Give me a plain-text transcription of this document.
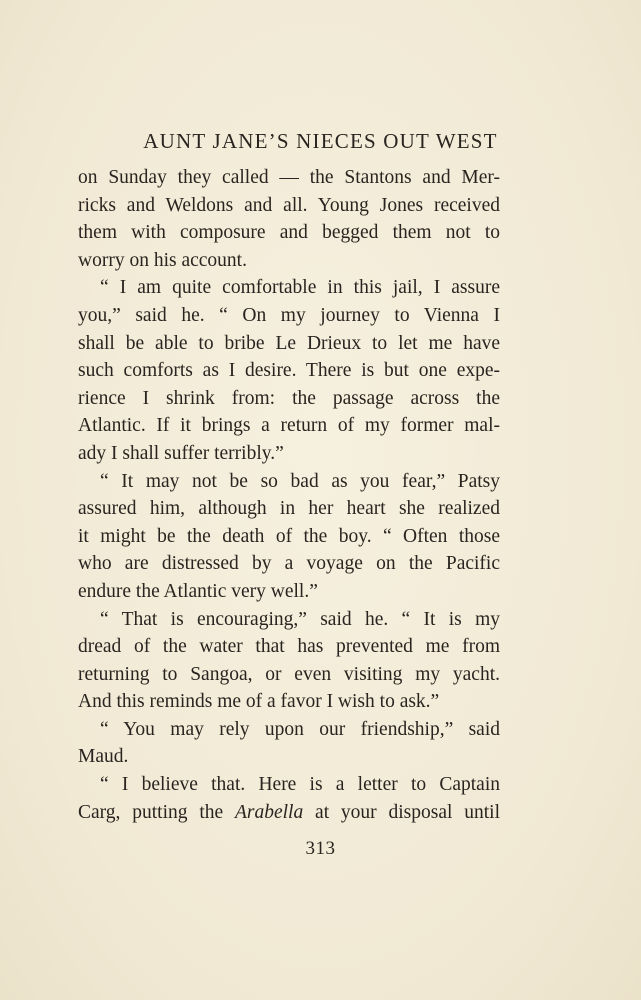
AUNT JANE’S NIECES OUT WEST
on Sunday they called — the Stantons and Mer-
ricks and Weldons and all. Young Jones received
them with composure and begged them not to
worry on his account.
“ I am quite comfortable in this jail, I assure
you,” said he. “ On my journey to Vienna I
shall be able to bribe Le Drieux to let me have
such comforts as I desire. There is but one expe-
rience I shrink from: the passage across the
Atlantic. If it brings a return of my former mal-
ady I shall suffer terribly.”
“ It may not be so bad as you fear,” Patsy
assured him, although in her heart she realized
it might be the death of the boy. “ Often those
who are distressed by a voyage on the Pacific
endure the Atlantic very well.”
“ That is encouraging,” said he. “ It is my
dread of the water that has prevented me from
returning to Sangoa, or even visiting my yacht.
And this reminds me of a favor I wish to ask.”
“ You may rely upon our friendship,” said
Maud.
“ I believe that. Here is a letter to Captain
Carg, putting the Arabella at your disposal until
313
